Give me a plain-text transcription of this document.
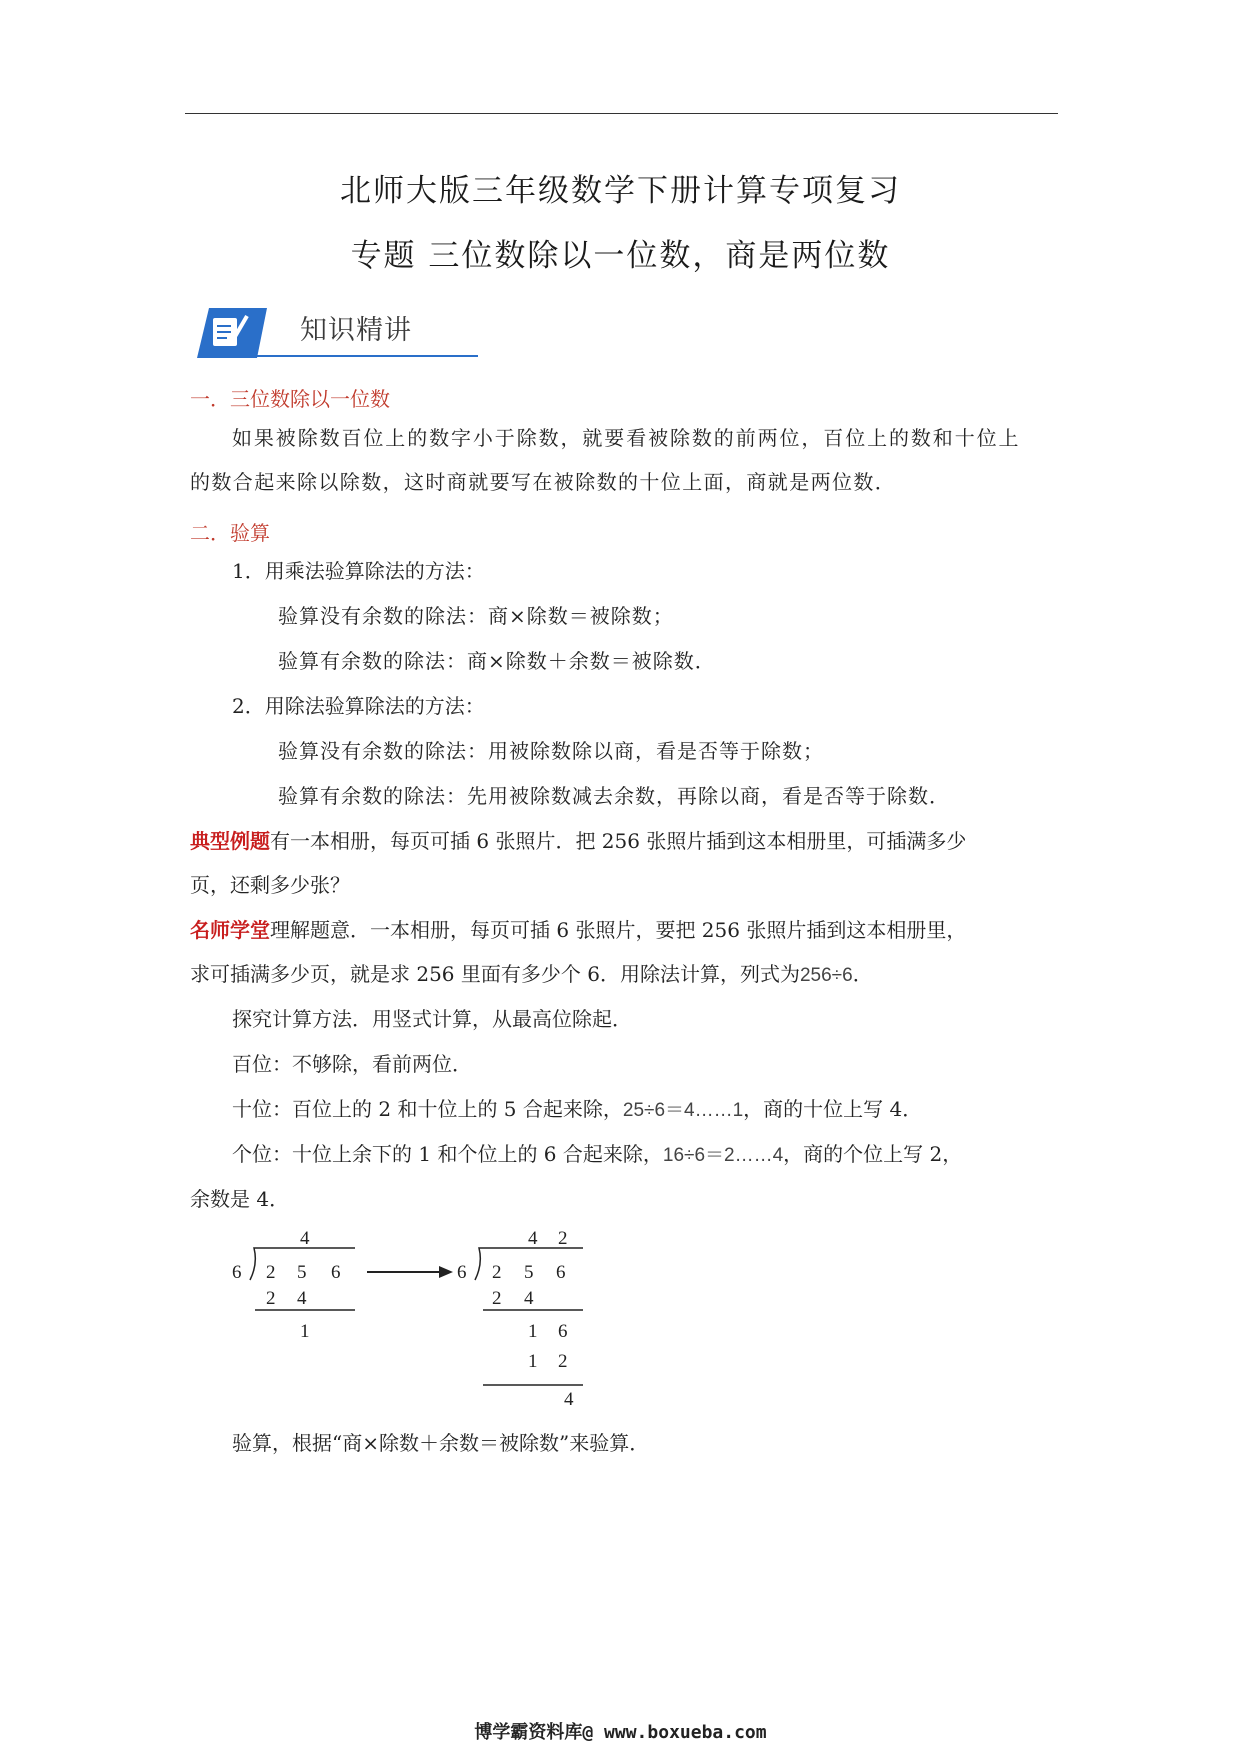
北师大版三年级数学下册计算专项复习
专题 三位数除以一位数，商是两位数
知识精讲
一．三位数除以一位数
如果被除数百位上的数字小于除数，就要看被除数的前两位，百位上的数和十位上
的数合起来除以除数，这时商就要写在被除数的十位上面，商就是两位数．
二．验算
1．用乘法验算除法的方法：
验算没有余数的除法：商×除数＝被除数；
验算有余数的除法：商×除数＋余数＝被除数．
2．用除法验算除法的方法：
验算没有余数的除法：用被除数除以商，看是否等于除数；
验算有余数的除法：先用被除数减去余数，再除以商，看是否等于除数．
典型例题有一本相册，每页可插 6 张照片．把 256 张照片插到这本相册里，可插满多少
页，还剩多少张？
名师学堂理解题意．一本相册，每页可插 6 张照片，要把 256 张照片插到这本相册里，
求可插满多少页，就是求 256 里面有多少个 6．用除法计算，列式为256÷6．
探究计算方法．用竖式计算，从最高位除起．
百位：不够除，看前两位．
十位：百位上的 2 和十位上的 5 合起来除，25÷6＝4……1，商的十位上写 4．
个位：十位上余下的 1 和个位上的 6 合起来除，16÷6＝2……4，商的个位上写 2，
余数是 4．
4
6 2 5 6
2 4
1
4 2
6 2 5 6
2 4
1 6
1 2
4
验算，根据“商×除数＋余数＝被除数”来验算．
博学霸资料库@ www.boxueba.com
